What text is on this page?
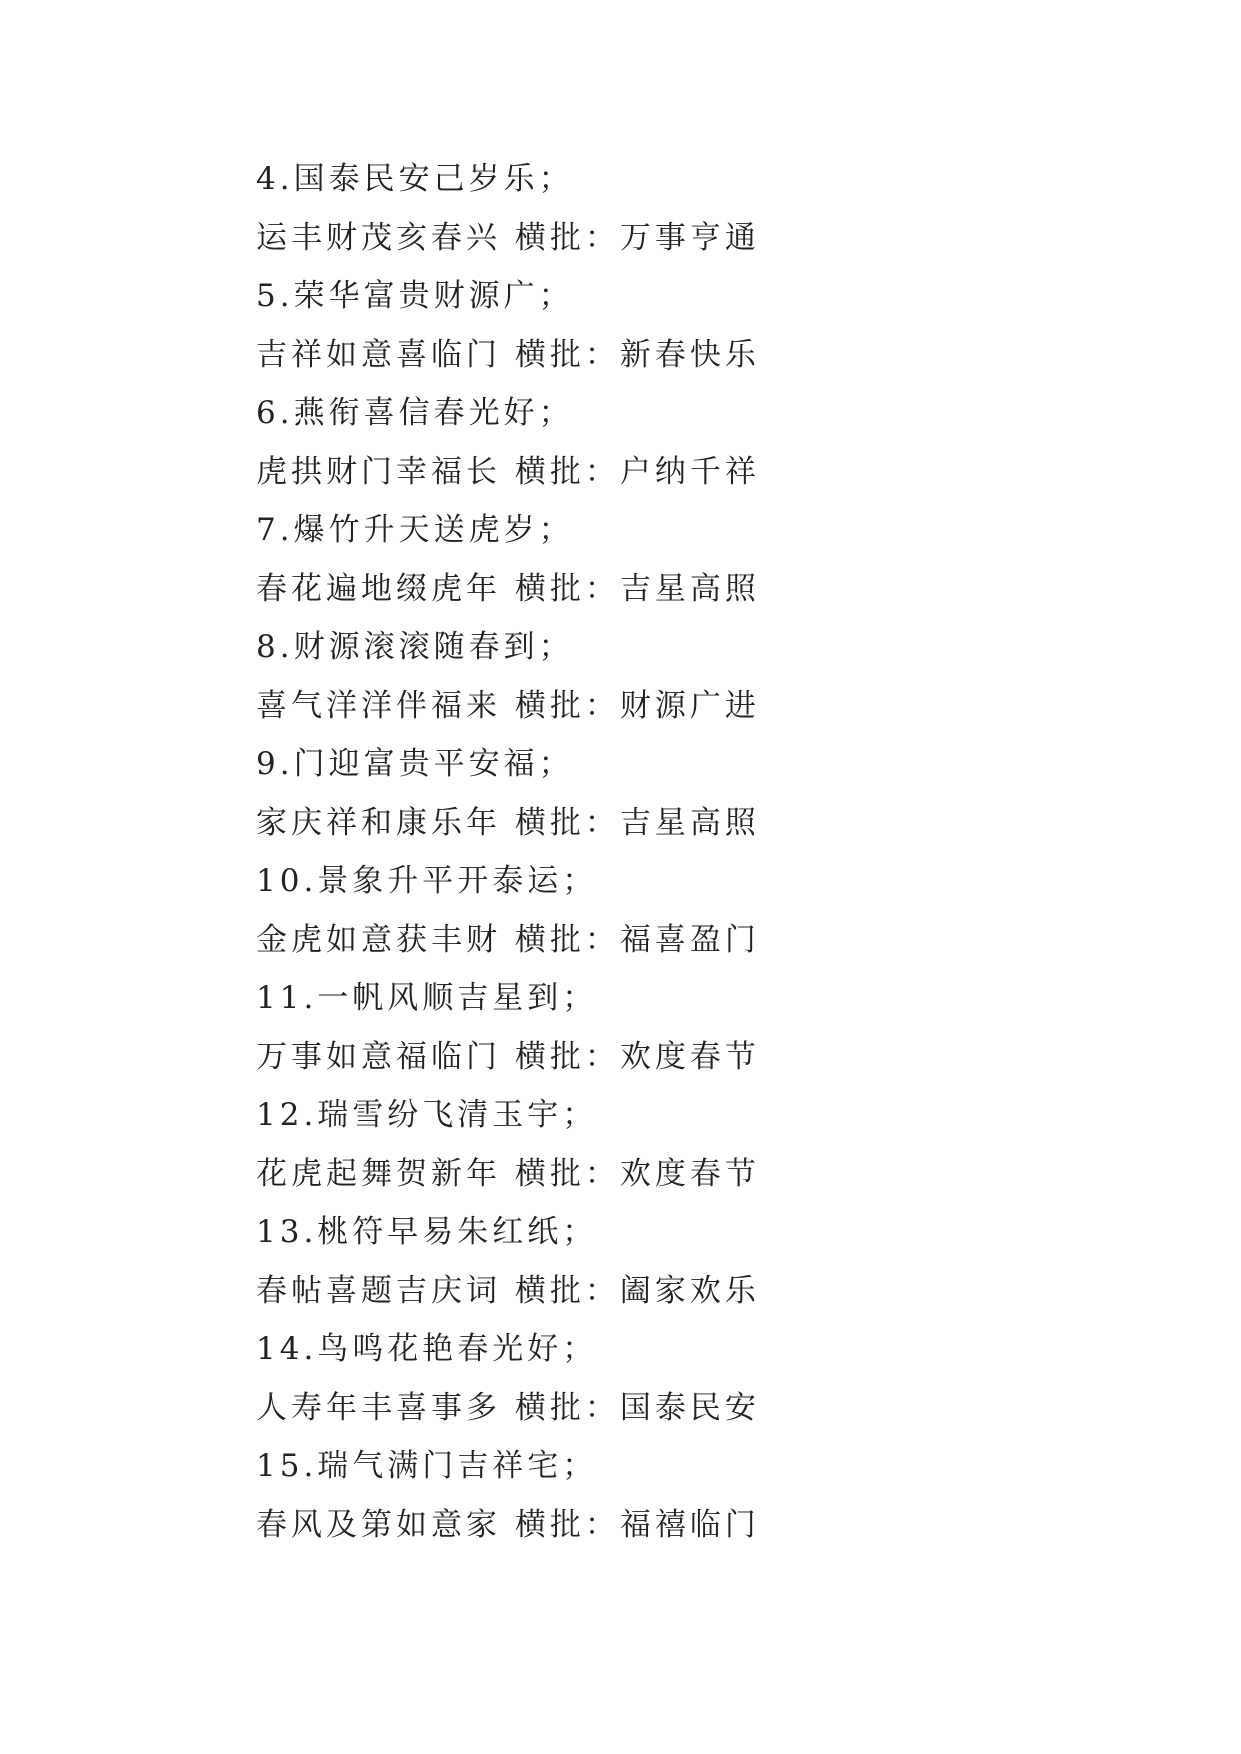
4.国泰民安己岁乐；
运丰财茂亥春兴 横批：万事亨通
5.荣华富贵财源广；
吉祥如意喜临门 横批：新春快乐
6.燕衔喜信春光好；
虎拱财门幸福长 横批：户纳千祥
7.爆竹升天送虎岁；
春花遍地缀虎年 横批：吉星高照
8.财源滚滚随春到；
喜气洋洋伴福来 横批：财源广进
9.门迎富贵平安福；
家庆祥和康乐年 横批：吉星高照
10.景象升平开泰运；
金虎如意获丰财 横批：福喜盈门
11.一帆风顺吉星到；
万事如意福临门 横批：欢度春节
12.瑞雪纷飞清玉宇；
花虎起舞贺新年 横批：欢度春节
13.桃符早易朱红纸；
春帖喜题吉庆词 横批：阖家欢乐
14.鸟鸣花艳春光好；
人寿年丰喜事多 横批：国泰民安
15.瑞气满门吉祥宅；
春风及第如意家 横批：福禧临门
